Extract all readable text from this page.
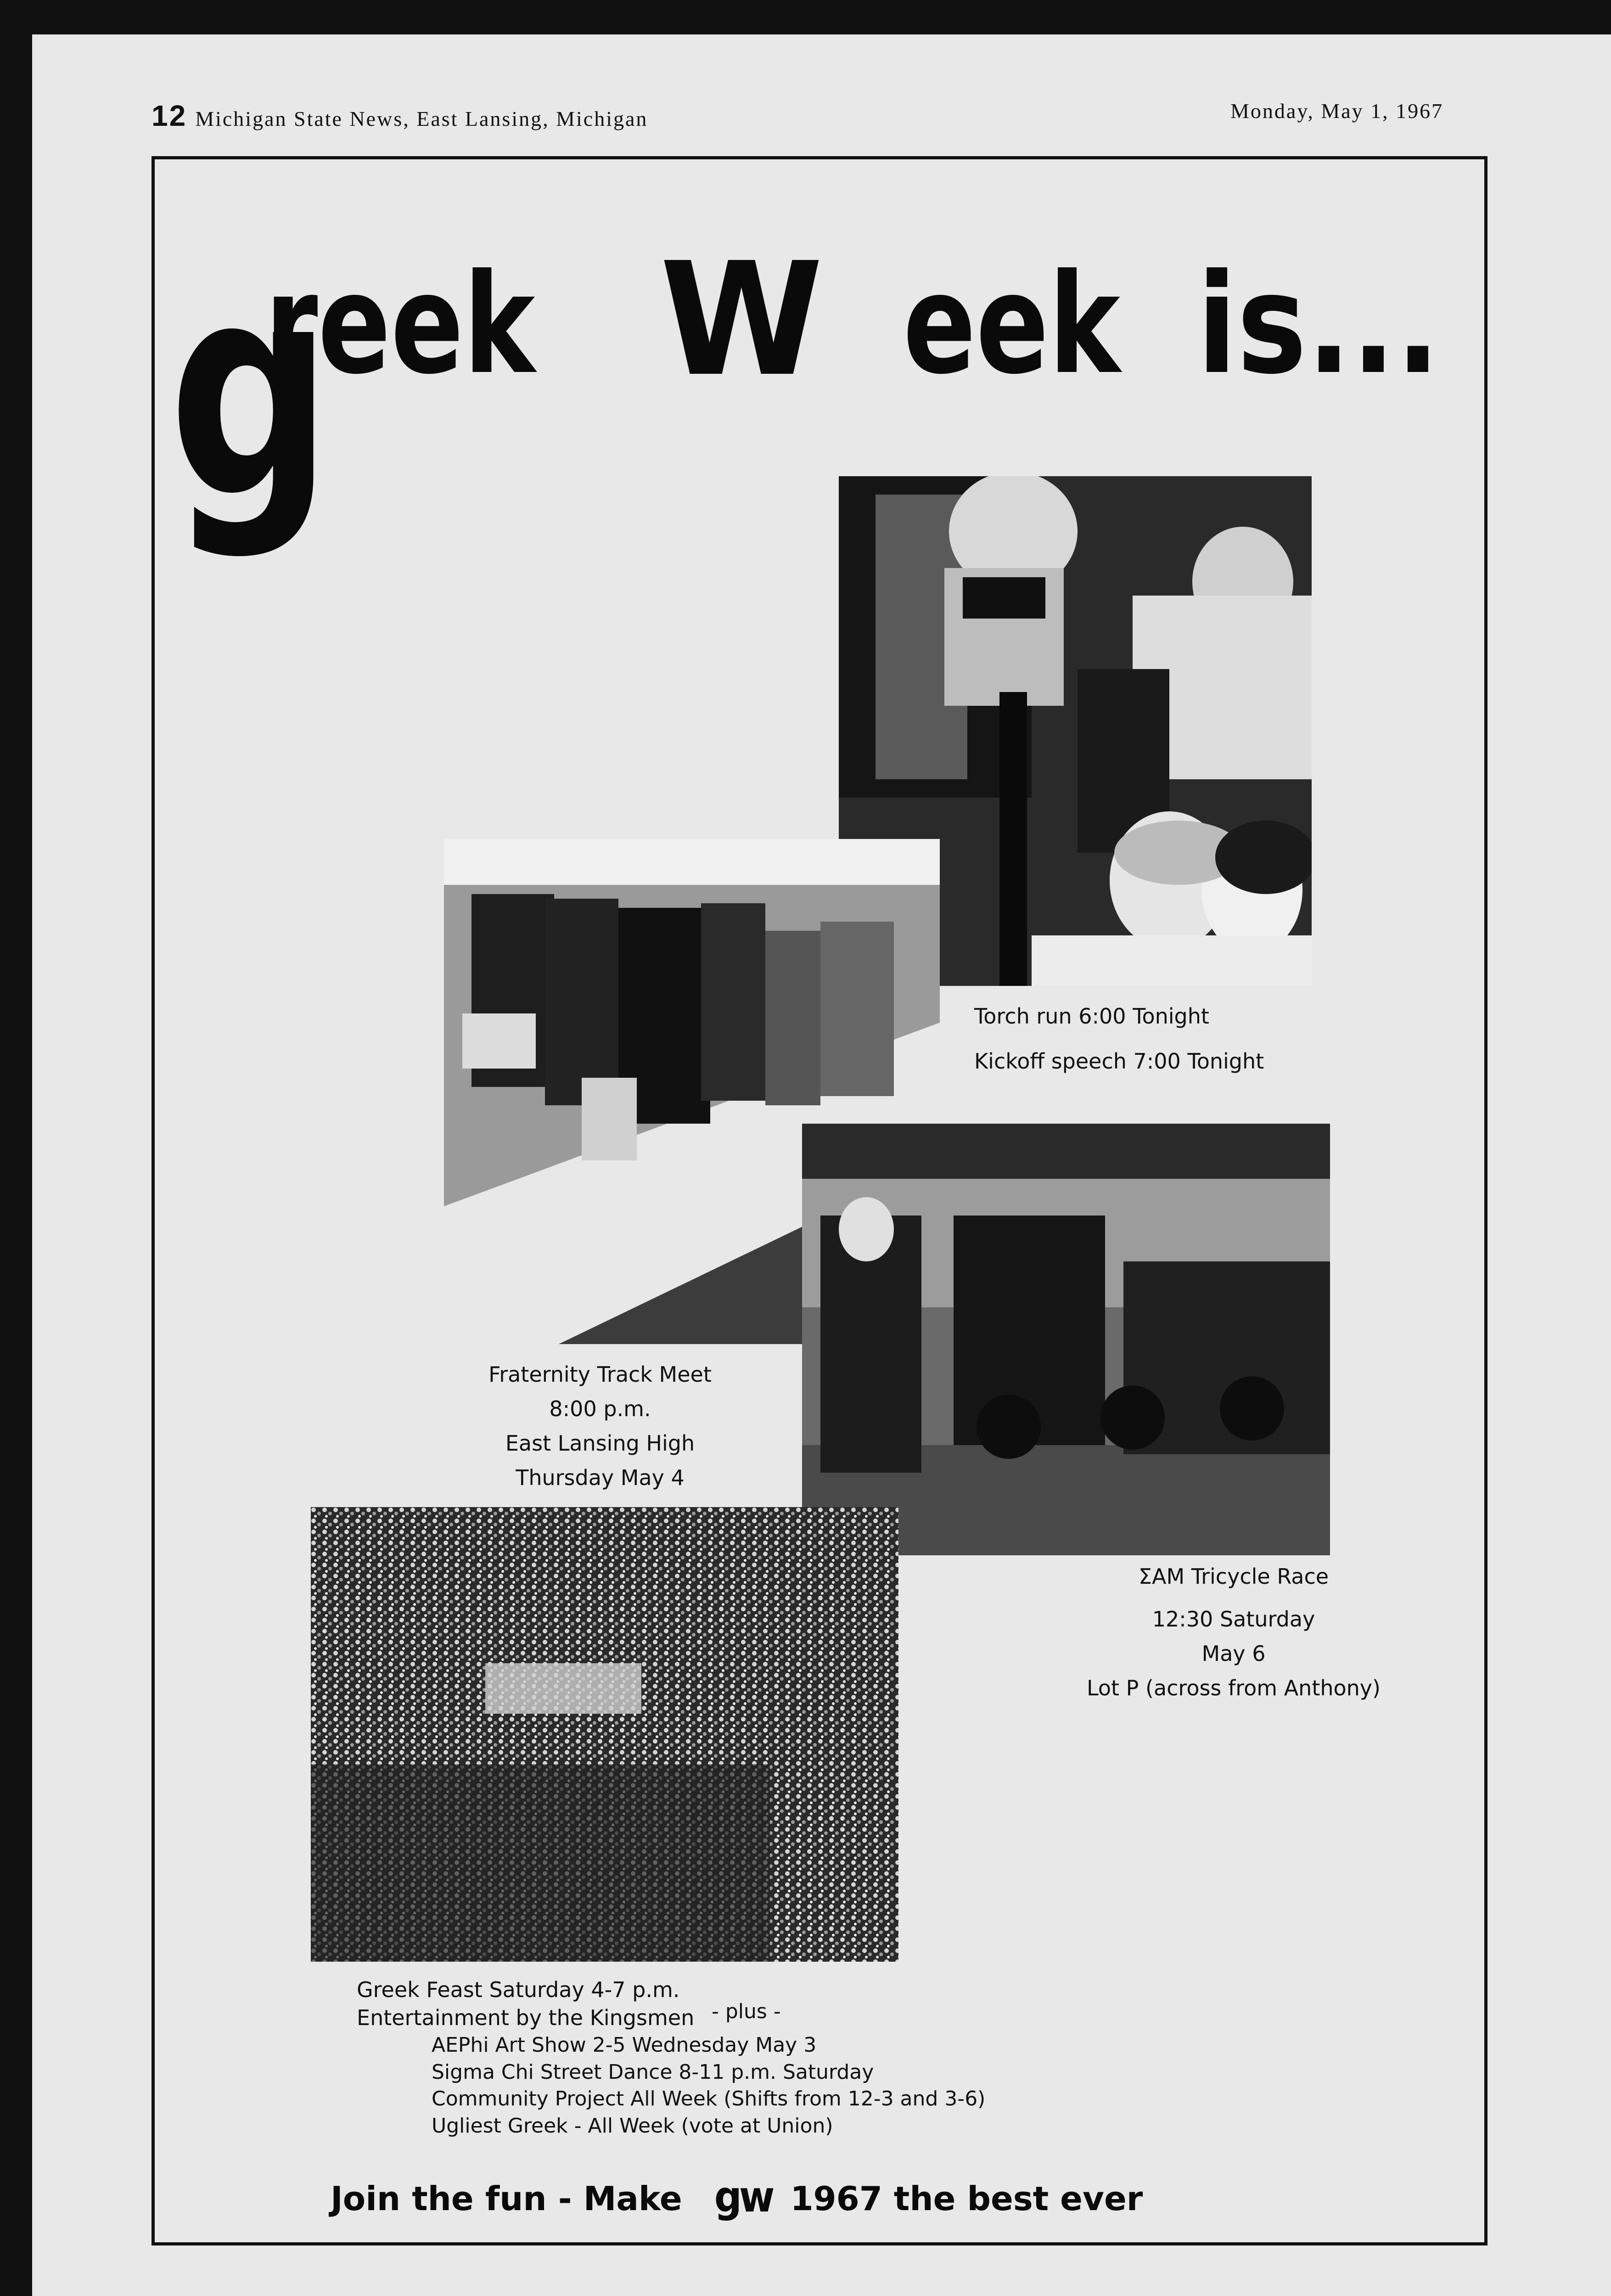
12 Michigan State News, East Lansing, Michigan	Monday, May 1, 1967
g
reek W eek is...
Torch run 6:00 Tonight
Kickoff speech 7:00 Tonight
Fraternity Track Meet
8:00 p.m.
East Lansing High
Thursday May 4
ΣAM Tricycle Race
12:30 Saturday
May 6
Lot P (across from Anthony)
Greek Feast Saturday 4-7 p.m.
Entertainment by the Kingsmen - plus -
AEPhi Art Show 2-5 Wednesday May 3
Sigma Chi Street Dance 8-11 p.m. Saturday
Community Project All Week (Shifts from 12-3 and 3-6)
Ugliest Greek - All Week (vote at Union)
Join the fun - Make gw 1967 the best ever
